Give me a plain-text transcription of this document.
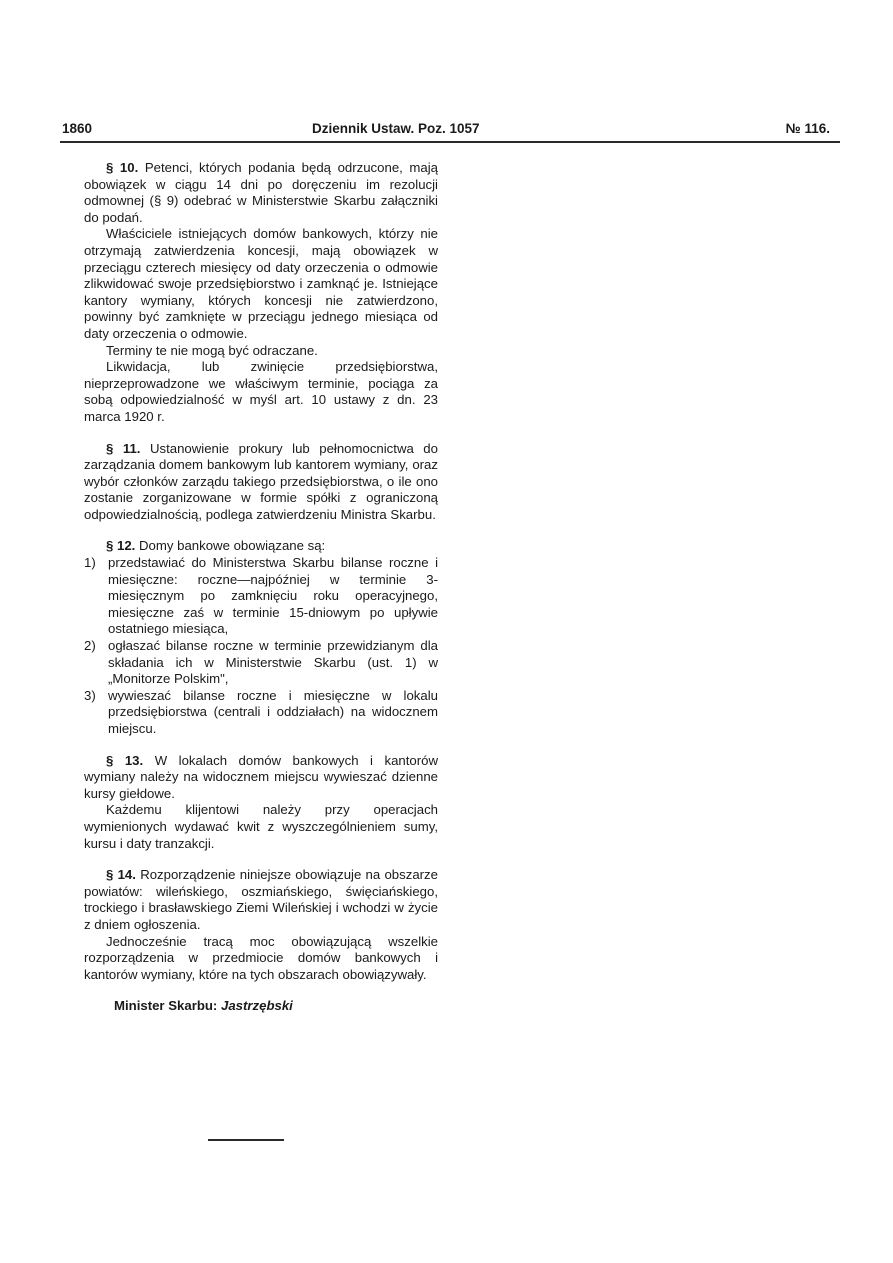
1860	Dziennik Ustaw. Poz. 1057	№ 116.

§ 10. Petenci, których podania będą odrzucone, mają obowiązek w ciągu 14 dni po doręczeniu im rezolucji odmownej (§ 9) odebrać w Ministerstwie Skarbu załączniki do podań.

Właściciele istniejących domów bankowych, którzy nie otrzymają zatwierdzenia koncesji, mają obowiązek w przeciągu czterech miesięcy od daty orzeczenia o odmowie zlikwidować swoje przedsiębiorstwo i zamknąć je. Istniejące kantory wymiany, których koncesji nie zatwierdzono, powinny być zamknięte w przeciągu jednego miesiąca od daty orzeczenia o odmowie.

Terminy te nie mogą być odraczane.

Likwidacja, lub zwinięcie przedsiębiorstwa, nieprzeprowadzone we właściwym terminie, pociąga za sobą odpowiedzialność w myśl art. 10 ustawy z dn. 23 marca 1920 r.

§ 11. Ustanowienie prokury lub pełnomocnictwa do zarządzania domem bankowym lub kantorem wymiany, oraz wybór członków zarządu takiego przedsiębiorstwa, o ile ono zostanie zorganizowane w formie spółki z ograniczoną odpowiedzialnością, podlega zatwierdzeniu Ministra Skarbu.

§ 12. Domy bankowe obowiązane są:

1) przedstawiać do Ministerstwa Skarbu bilanse roczne i miesięczne: roczne—najpóźniej w terminie 3-miesięcznym po zamknięciu roku operacyjnego, miesięczne zaś w terminie 15-dniowym po upływie ostatniego miesiąca,
2) ogłaszać bilanse roczne w terminie przewidzianym dla składania ich w Ministerstwie Skarbu (ust. 1) w „Monitorze Polskim",
3) wywieszać bilanse roczne i miesięczne w lokalu przedsiębiorstwa (centrali i oddziałach) na widocznem miejscu.

§ 13. W lokalach domów bankowych i kantorów wymiany należy na widocznem miejscu wywieszać dzienne kursy giełdowe.

Każdemu klijentowi należy przy operacjach wymienionych wydawać kwit z wyszczególnieniem sumy, kursu i daty tranzakcji.

§ 14. Rozporządzenie niniejsze obowiązuje na obszarze powiatów: wileńskiego, oszmiańskiego, święciańskiego, trockiego i brasławskiego Ziemi Wileńskiej i wchodzi w życie z dniem ogłoszenia.

Jednocześnie tracą moc obowiązującą wszelkie rozporządzenia w przedmiocie domów bankowych i kantorów wymiany, które na tych obszarach obowiązywały.

Minister Skarbu: Jastrzębski
